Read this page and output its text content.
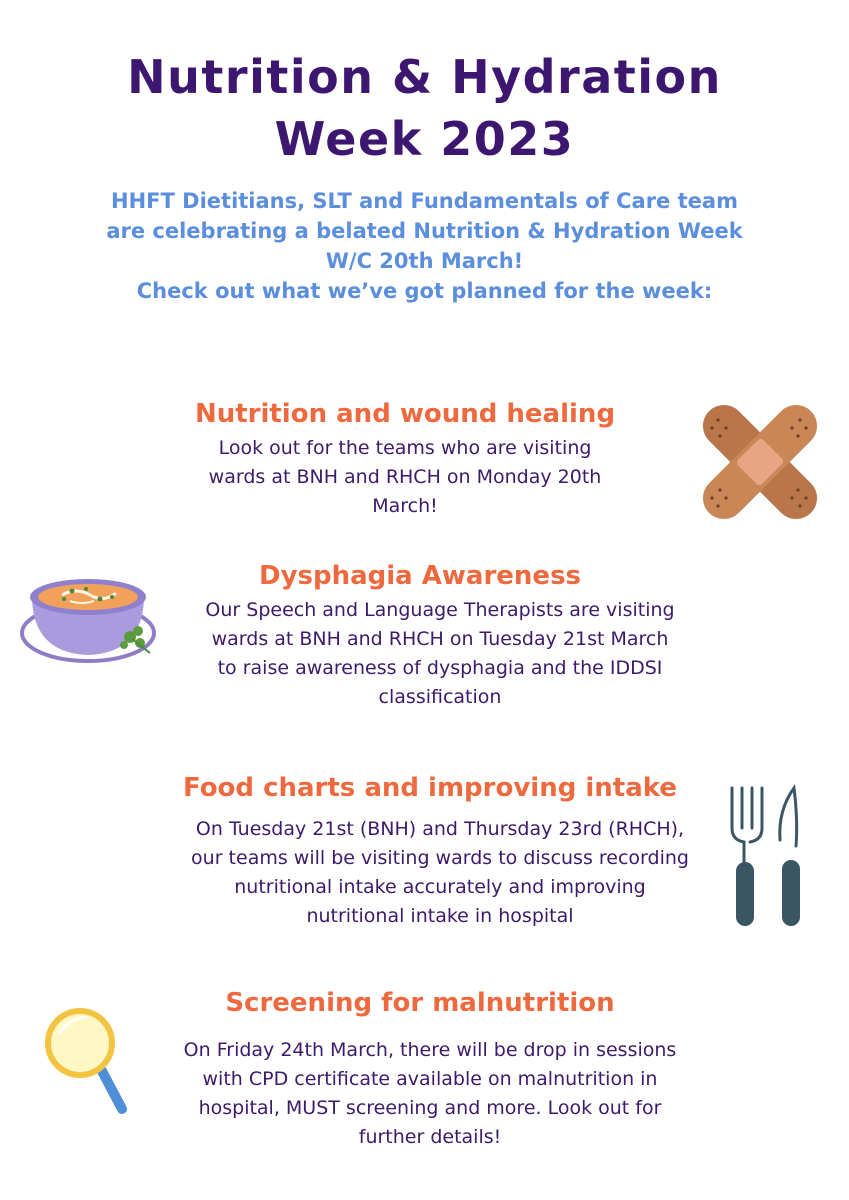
Nutrition & Hydration
Week 2023
HHFT Dietitians, SLT and Fundamentals of Care team
are celebrating a belated Nutrition & Hydration Week
W/C 20th March!
Check out what we’ve got planned for the week:
Nutrition and wound healing
Look out for the teams who are visiting
wards at BNH and RHCH on Monday 20th
March!
Dysphagia Awareness
Our Speech and Language Therapists are visiting
wards at BNH and RHCH on Tuesday 21st March
to raise awareness of dysphagia and the IDDSI
classification
Food charts and improving intake
On Tuesday 21st (BNH) and Thursday 23rd (RHCH),
our teams will be visiting wards to discuss recording
nutritional intake accurately and improving
nutritional intake in hospital
Screening for malnutrition
On Friday 24th March, there will be drop in sessions
with CPD certificate available on malnutrition in
hospital, MUST screening and more. Look out for
further details!
